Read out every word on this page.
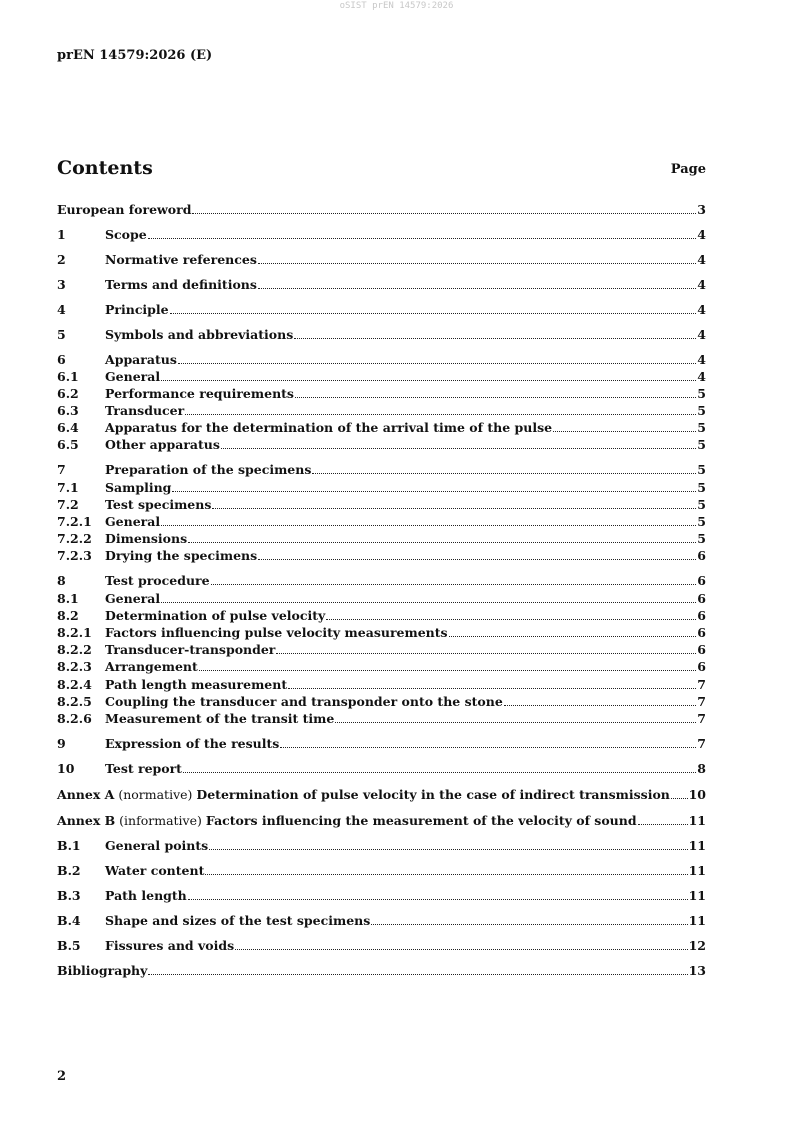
oSIST prEN 14579:2026
prEN 14579:2026 (E)
Contents	Page
European foreword	3
1	Scope	4
2	Normative references	4
3	Terms and definitions	4
4	Principle	4
5	Symbols and abbreviations	4
6	Apparatus	4
6.1	General	4
6.2	Performance requirements	5
6.3	Transducer	5
6.4	Apparatus for the determination of the arrival time of the pulse	5
6.5	Other apparatus	5
7	Preparation of the specimens	5
7.1	Sampling	5
7.2	Test specimens	5
7.2.1	General	5
7.2.2	Dimensions	5
7.2.3	Drying the specimens	6
8	Test procedure	6
8.1	General	6
8.2	Determination of pulse velocity	6
8.2.1	Factors influencing pulse velocity measurements	6
8.2.2	Transducer-transponder	6
8.2.3	Arrangement	6
8.2.4	Path length measurement	7
8.2.5	Coupling the transducer and transponder onto the stone	7
8.2.6	Measurement of the transit time	7
9	Expression of the results	7
10	Test report	8
Annex A (normative) Determination of pulse velocity in the case of indirect transmission 10
Annex B (informative) Factors influencing the measurement of the velocity of sound	11
B.1	General points	11
B.2	Water content	11
B.3	Path length	11
B.4	Shape and sizes of the test specimens	11
B.5	Fissures and voids	12
Bibliography	13
2
